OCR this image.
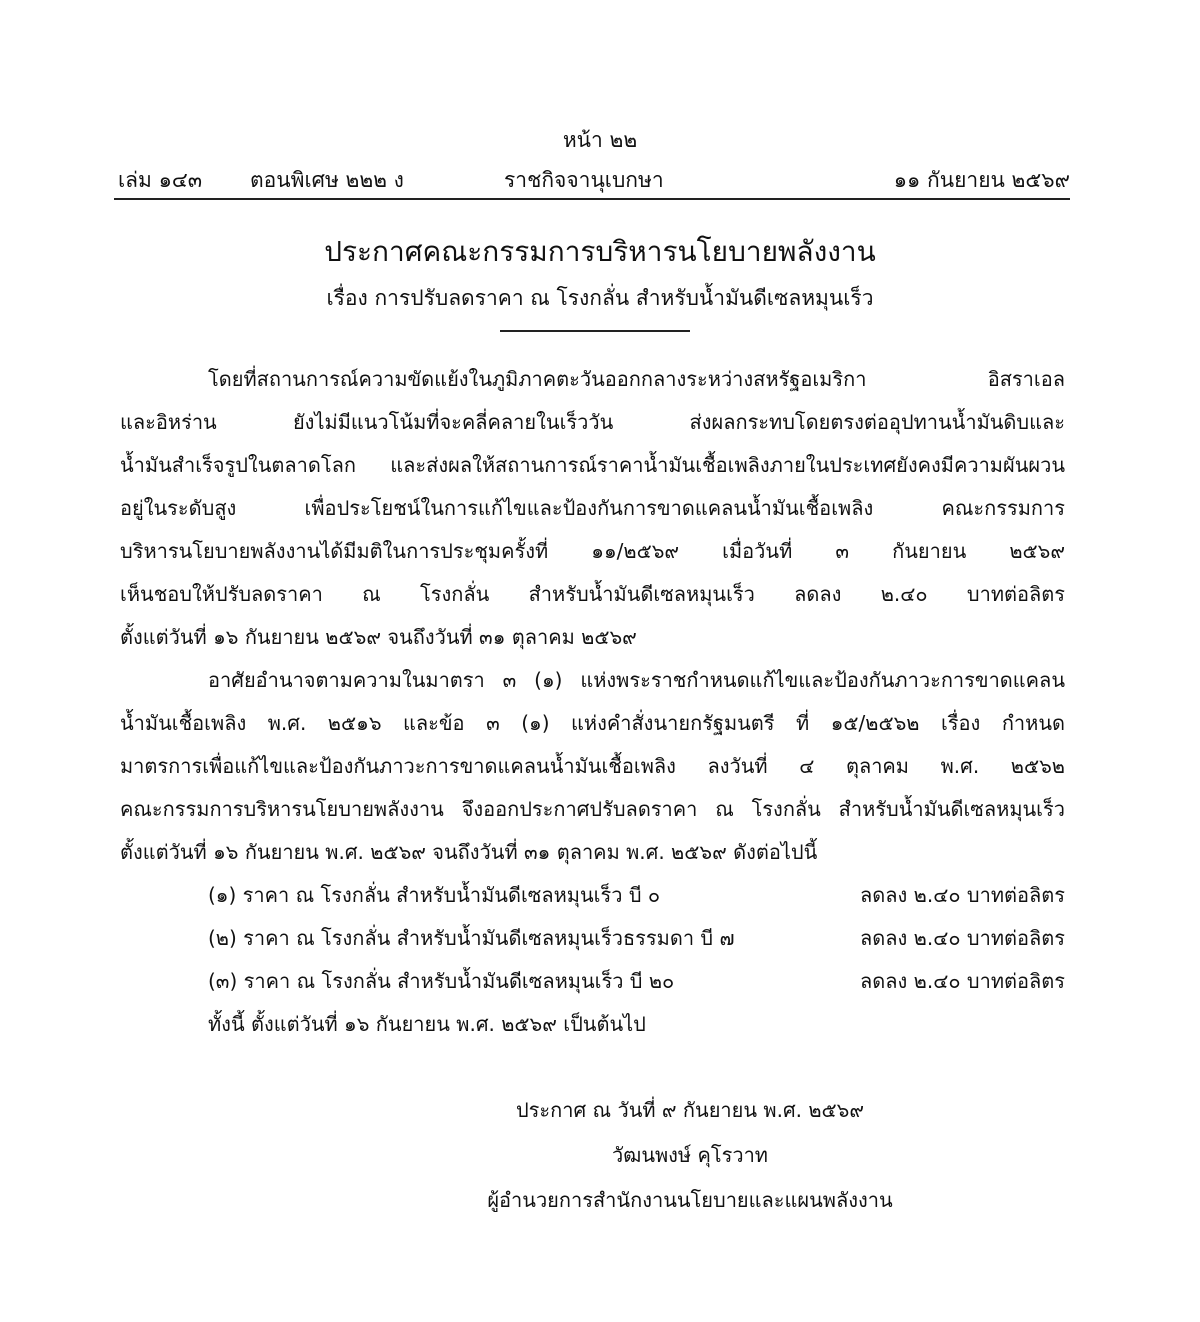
หน้า ๒๒
เล่ม ๑๔๓ ตอนพิเศษ ๒๒๒ ง	ราชกิจจานุเบกษา	๑๑ กันยายน ๒๕๖๙
ประกาศคณะกรรมการบริหารนโยบายพลังงาน
เรื่อง การปรับลดราคา ณ โรงกลั่น สำหรับน้ำมันดีเซลหมุนเร็ว
โดยที่สถานการณ์ความขัดแย้งในภูมิภาคตะวันออกกลางระหว่างสหรัฐอเมริกา อิสราเอล
และอิหร่าน ยังไม่มีแนวโน้มที่จะคลี่คลายในเร็ววัน ส่งผลกระทบโดยตรงต่ออุปทานน้ำมันดิบและ
น้ำมันสำเร็จรูปในตลาดโลก และส่งผลให้สถานการณ์ราคาน้ำมันเชื้อเพลิงภายในประเทศยังคงมีความผันผวน
อยู่ในระดับสูง เพื่อประโยชน์ในการแก้ไขและป้องกันการขาดแคลนน้ำมันเชื้อเพลิง คณะกรรมการ
บริหารนโยบายพลังงานได้มีมติในการประชุมครั้งที่ ๑๑/๒๕๖๙ เมื่อวันที่ ๓ กันยายน ๒๕๖๙
เห็นชอบให้ปรับลดราคา ณ โรงกลั่น สำหรับน้ำมันดีเซลหมุนเร็ว ลดลง ๒.๔๐ บาทต่อลิตร
ตั้งแต่วันที่ ๑๖ กันยายน ๒๕๖๙ จนถึงวันที่ ๓๑ ตุลาคม ๒๕๖๙
อาศัยอำนาจตามความในมาตรา ๓ (๑) แห่งพระราชกำหนดแก้ไขและป้องกันภาวะการขาดแคลน
น้ำมันเชื้อเพลิง พ.ศ. ๒๕๑๖ และข้อ ๓ (๑) แห่งคำสั่งนายกรัฐมนตรี ที่ ๑๕/๒๕๖๒ เรื่อง กำหนด
มาตรการเพื่อแก้ไขและป้องกันภาวะการขาดแคลนน้ำมันเชื้อเพลิง ลงวันที่ ๔ ตุลาคม พ.ศ. ๒๕๖๒
คณะกรรมการบริหารนโยบายพลังงาน จึงออกประกาศปรับลดราคา ณ โรงกลั่น สำหรับน้ำมันดีเซลหมุนเร็ว
ตั้งแต่วันที่ ๑๖ กันยายน พ.ศ. ๒๕๖๙ จนถึงวันที่ ๓๑ ตุลาคม พ.ศ. ๒๕๖๙ ดังต่อไปนี้
(๑) ราคา ณ โรงกลั่น สำหรับน้ำมันดีเซลหมุนเร็ว บี ๐	ลดลง ๒.๔๐ บาทต่อลิตร
(๒) ราคา ณ โรงกลั่น สำหรับน้ำมันดีเซลหมุนเร็วธรรมดา บี ๗	ลดลง ๒.๔๐ บาทต่อลิตร
(๓) ราคา ณ โรงกลั่น สำหรับน้ำมันดีเซลหมุนเร็ว บี ๒๐	ลดลง ๒.๔๐ บาทต่อลิตร
ทั้งนี้ ตั้งแต่วันที่ ๑๖ กันยายน พ.ศ. ๒๕๖๙ เป็นต้นไป
ประกาศ ณ วันที่ ๙ กันยายน พ.ศ. ๒๕๖๙
วัฒนพงษ์ คุโรวาท
ผู้อำนวยการสำนักงานนโยบายและแผนพลังงาน
